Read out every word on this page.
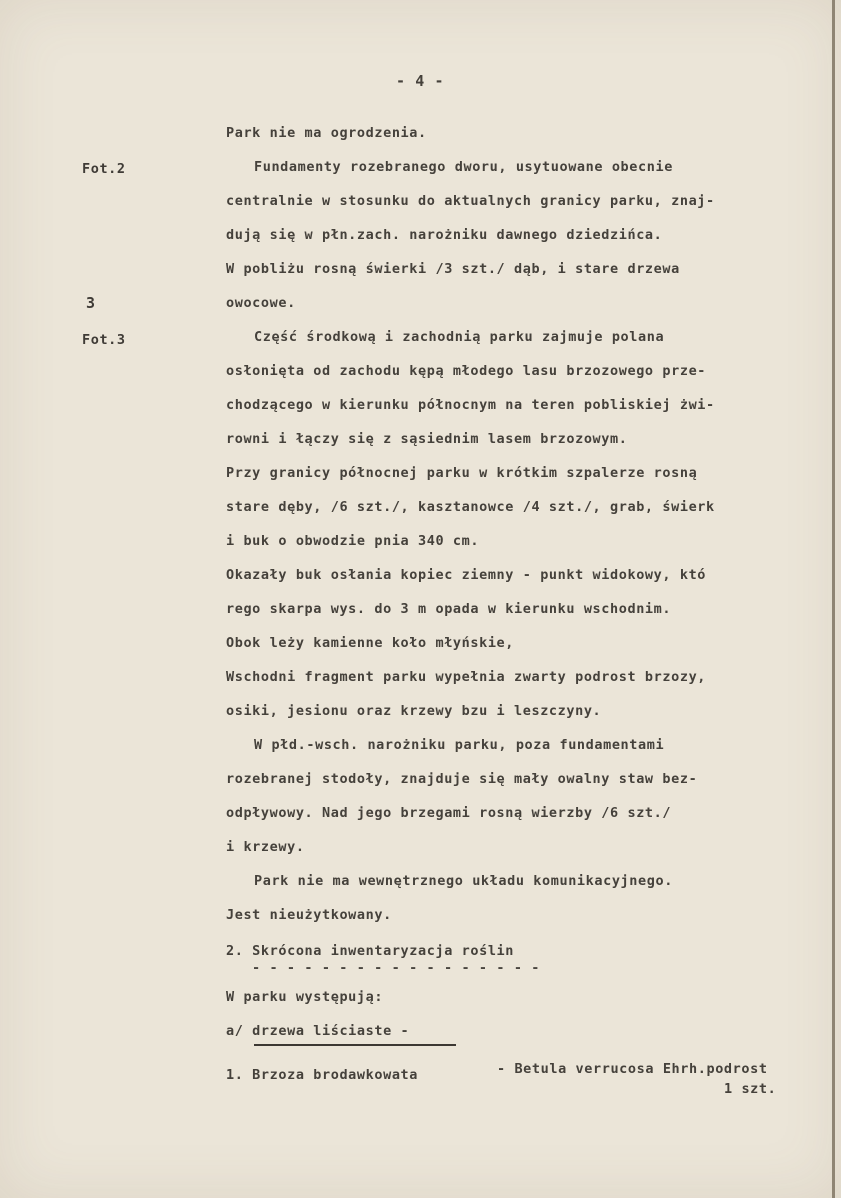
- 4 -
Fot.2
3
Fot.3
Park nie ma ogrodzenia.
Fundamenty rozebranego dworu, usytuowane obecnie
centralnie w stosunku do aktualnych granicy parku, znaj-
dują się w płn.zach. narożniku dawnego dziedzińca.
W pobliżu rosną świerki /3 szt./ dąb, i stare drzewa
owocowe.
Część środkową i zachodnią parku zajmuje polana
osłonięta od zachodu kępą młodego lasu brzozowego prze-
chodzącego w kierunku północnym na teren pobliskiej żwi-
rowni i łączy się z sąsiednim lasem brzozowym.
Przy granicy północnej parku w krótkim szpalerze rosną
stare dęby, /6 szt./, kasztanowce /4 szt./, grab, świerk
i buk o obwodzie pnia 340 cm.
Okazały buk osłania kopiec ziemny - punkt widokowy, któ
rego skarpa wys. do 3 m opada w kierunku wschodnim.
Obok leży kamienne koło młyńskie,
Wschodni fragment parku wypełnia zwarty podrost brzozy,
osiki, jesionu oraz krzewy bzu i leszczyny.
W płd.-wsch. narożniku parku, poza fundamentami
rozebranej stodoły, znajduje się mały owalny staw bez-
odpływowy. Nad jego brzegami rosną wierzby /6 szt./
i krzewy.
Park nie ma wewnętrznego układu komunikacyjnego.
Jest nieużytkowany.
2. Skrócona inwentaryzacja roślin
- - - - - - - - - - - - - - - - -
W parku występują:
a/ drzewa liściaste -
1. Brzoza brodawkowata	- Betula verrucosa Ehrh.podrost
1 szt.
